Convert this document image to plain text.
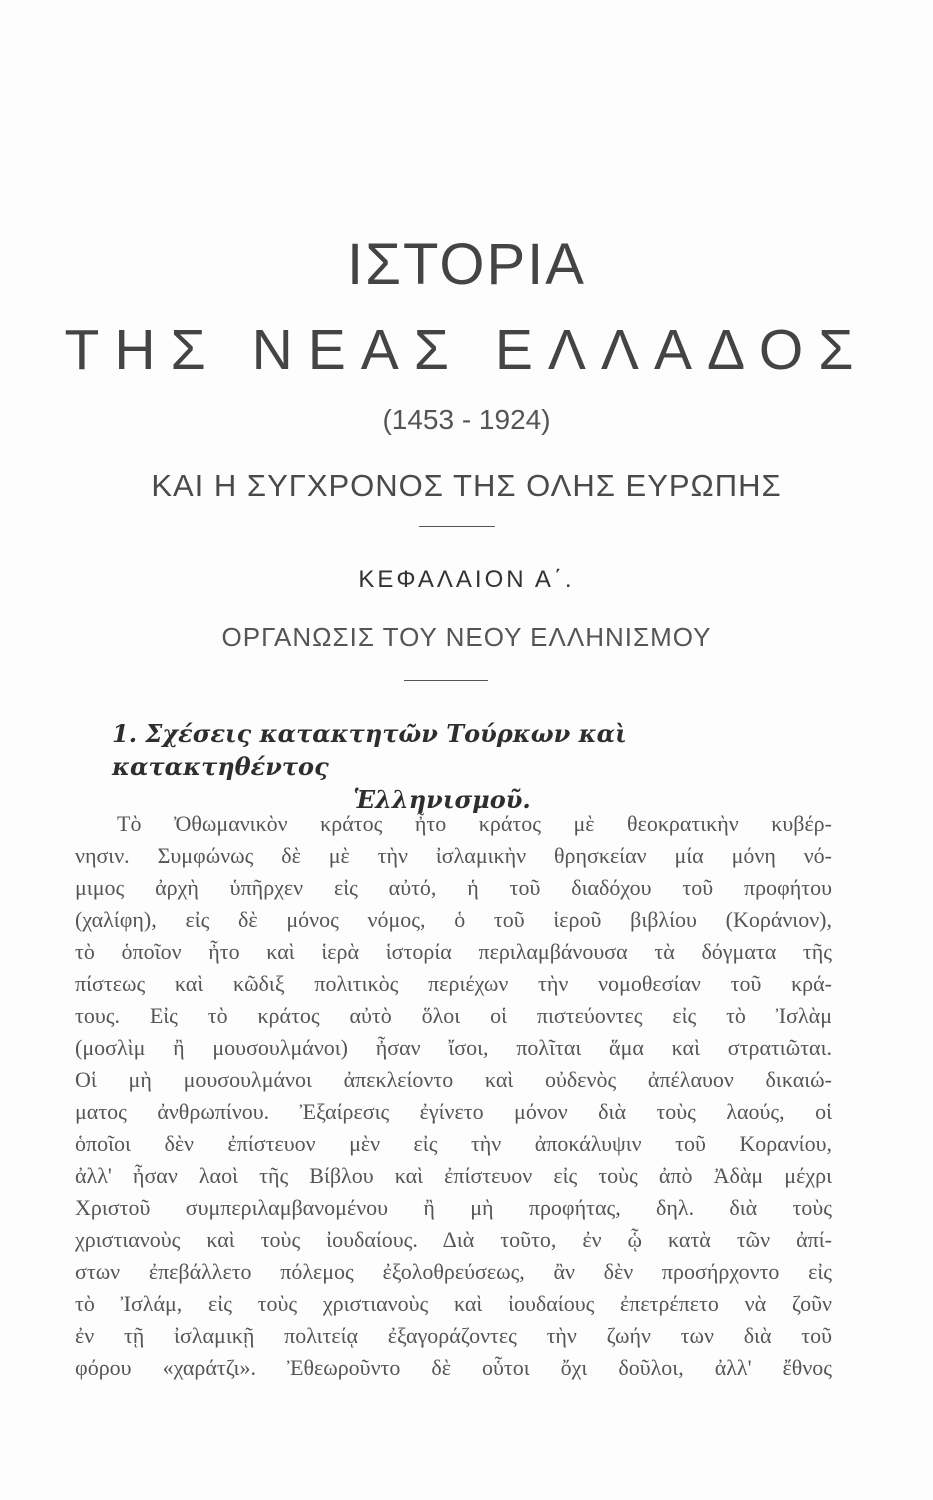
ΙΣΤΟΡΙΑ
ΤΗΣ ΝΕΑΣ ΕΛΛΑΔΟΣ
(1453 - 1924)
ΚΑΙ Η ΣΥΓΧΡΟΝΟΣ ΤΗΣ ΟΛΗΣ ΕΥΡΩΠΗΣ
ΚΕΦΑΛΑΙΟΝ Α΄.
ΟΡΓΑΝΩΣΙΣ ΤΟΥ ΝΕΟΥ ΕΛΛΗΝΙΣΜΟΥ
1. Σχέσεις κατακτητῶν Τούρκων καὶ κατακτηθέντος
Ἑλληνισμοῦ.
Τὸ Ὀθωμανικὸν κράτος ἦτο κράτος μὲ θεοκρατικὴν κυβέρ-
νησιν. Συμφώνως δὲ μὲ τὴν ἰσλαμικὴν θρησκείαν μία μόνη νό-
μιμος ἀρχὴ ὑπῆρχεν εἰς αὐτό, ἡ τοῦ διαδόχου τοῦ προφήτου
(χαλίφη), εἰς δὲ μόνος νόμος, ὁ τοῦ ἱεροῦ βιβλίου (Κοράνιον),
τὸ ὁποῖον ἦτο καὶ ἱερὰ ἱστορία περιλαμβάνουσα τὰ δόγματα τῆς
πίστεως καὶ κῶδιξ πολιτικὸς περιέχων τὴν νομοθεσίαν τοῦ κρά-
τους. Εἰς τὸ κράτος αὐτὸ ὅλοι οἱ πιστεύοντες εἰς τὸ Ἰσλὰμ
(μοσλὶμ ἢ μουσουλμάνοι) ἦσαν ἴσοι, πολῖται ἅμα καὶ στρατιῶται.
Οἱ μὴ μουσουλμάνοι ἀπεκλείοντο καὶ οὐδενὸς ἀπέλαυον δικαιώ-
ματος ἀνθρωπίνου. Ἐξαίρεσις ἐγίνετο μόνον διὰ τοὺς λαούς, οἱ
ὁποῖοι δὲν ἐπίστευον μὲν εἰς τὴν ἀποκάλυψιν τοῦ Κορανίου,
ἀλλ' ἦσαν λαοὶ τῆς Βίβλου καὶ ἐπίστευον εἰς τοὺς ἀπὸ Ἀδὰμ μέχρι
Χριστοῦ συμπεριλαμβανομένου ἢ μὴ προφήτας, δηλ. διὰ τοὺς
χριστιανοὺς καὶ τοὺς ἰουδαίους. Διὰ τοῦτο, ἐν ᾧ κατὰ τῶν ἀπί-
στων ἐπεβάλλετο πόλεμος ἐξολοθρεύσεως, ἂν δὲν προσήρχοντο εἰς
τὸ Ἰσλάμ, εἰς τοὺς χριστιανοὺς καὶ ἰουδαίους ἐπετρέπετο νὰ ζοῦν
ἐν τῇ ἰσλαμικῇ πολιτείᾳ ἐξαγοράζοντες τὴν ζωήν των διὰ τοῦ
φόρου «χαράτζι». Ἐθεωροῦντο δὲ οὗτοι ὄχι δοῦλοι, ἀλλ' ἔθνος
